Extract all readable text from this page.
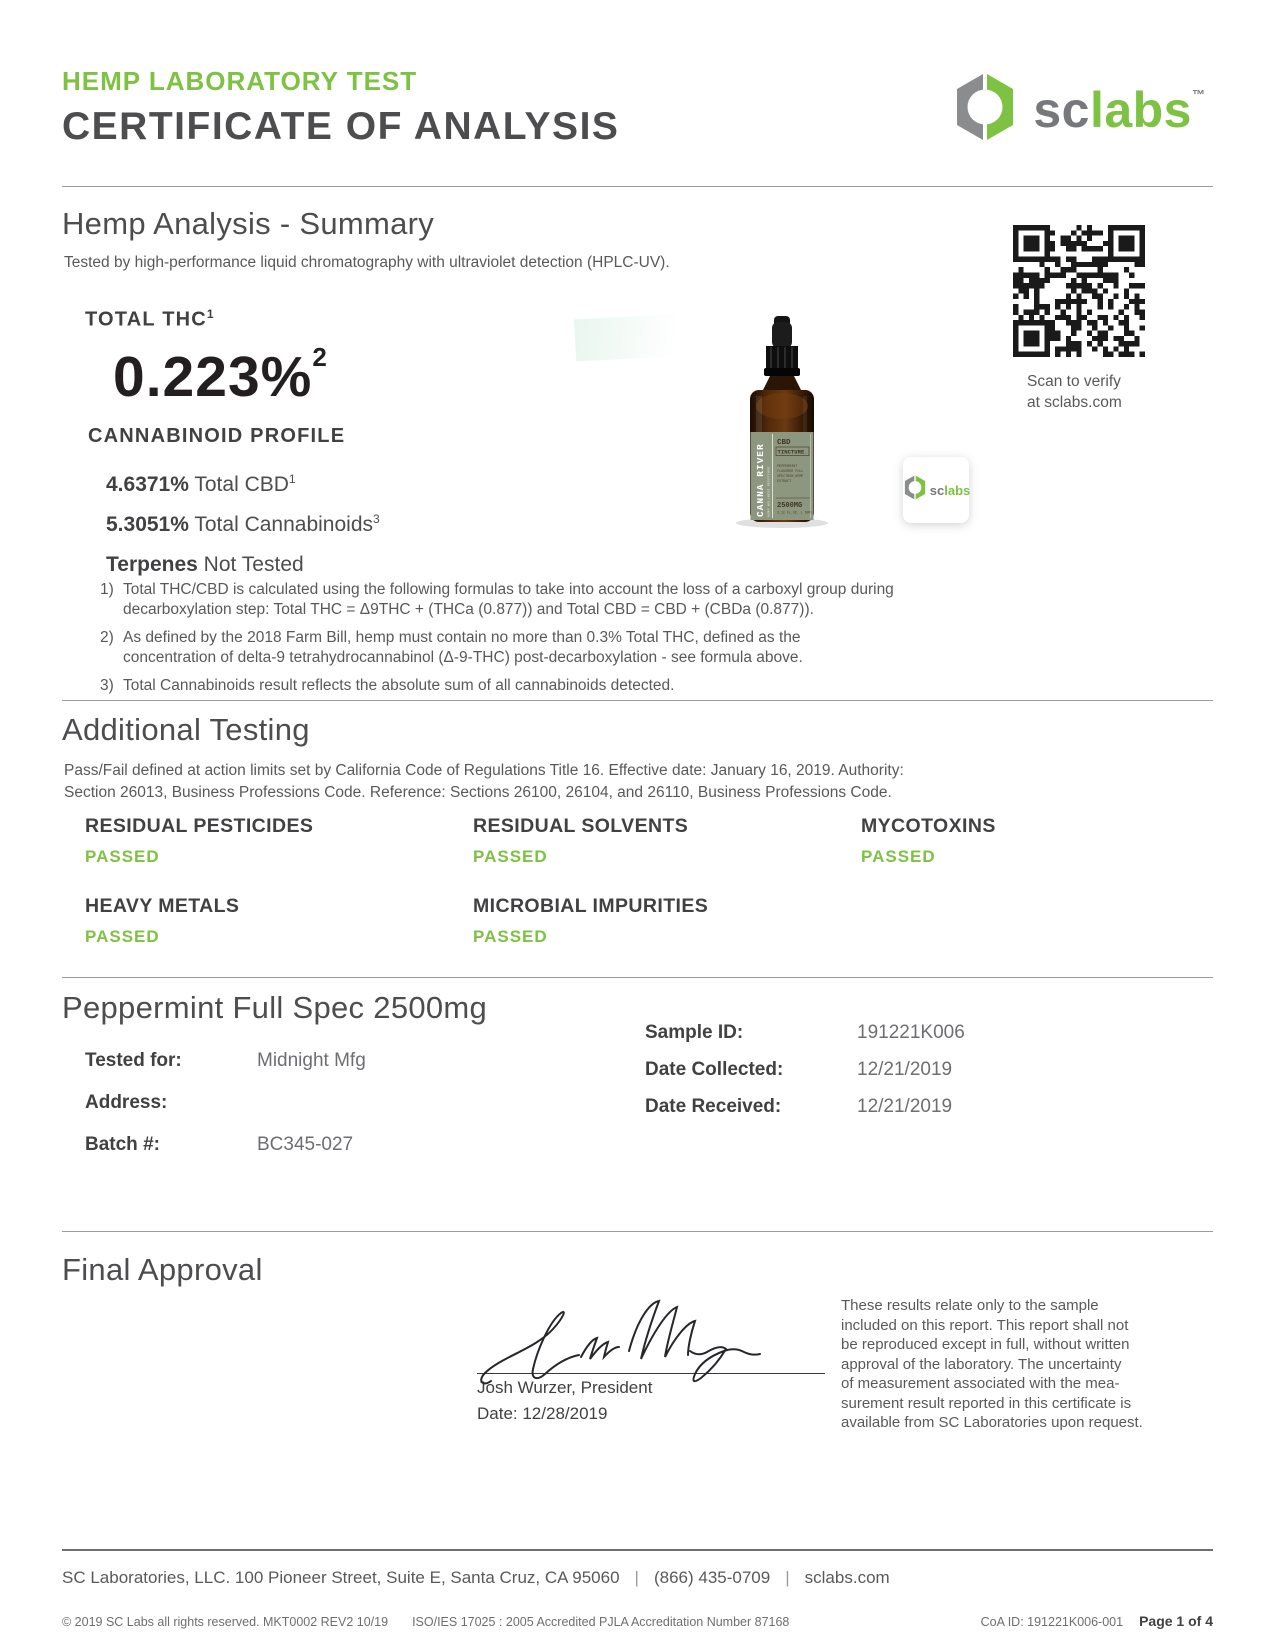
HEMP LABORATORY TEST
CERTIFICATE OF ANALYSIS	sclabs™
Hemp Analysis - Summary
Tested by high-performance liquid chromatography with ultraviolet detection (HPLC-UV).
Scan to verify
at sclabs.com
TOTAL THC$^1$
0.223%$^2$
CANNABINOID PROFILE
4.6371% Total CBD$^1$
5.3051% Total Cannabinoids$^3$
Terpenes Not Tested
CANNA RIVER HEMP WELLNESS REDEFINED
CBD
TINCTURE
PEPPERMINT
FLAVORED FULL
SPECTRUM HEMP
EXTRACT
2500MG
2.12 FL.OZ. | 60ML
sclabs
1) Total THC/CBD is calculated using the following formulas to take into account the loss of a carboxyl group during decarboxylation step: Total THC = Δ9THC + (THCa (0.877)) and Total CBD = CBD + (CBDa (0.877)).
2) As defined by the 2018 Farm Bill, hemp must contain no more than 0.3% Total THC, defined as the concentration of delta-9 tetrahydrocannabinol (Δ-9-THC) post-decarboxylation - see formula above.
3) Total Cannabinoids result reflects the absolute sum of all cannabinoids detected.
Additional Testing
Pass/Fail defined at action limits set by California Code of Regulations Title 16. Effective date: January 16, 2019. Authority:
Section 26013, Business Professions Code. Reference: Sections 26100, 26104, and 26110, Business Professions Code.
RESIDUAL PESTICIDES
PASSED
RESIDUAL SOLVENTS
PASSED
MYCOTOXINS
PASSED
HEAVY METALS
PASSED
MICROBIAL IMPURITIES
PASSED
Peppermint Full Spec 2500mg
Tested for:	Midnight Mfg
Address:
Batch #:	BC345-027
Sample ID:	191221K006
Date Collected:	12/21/2019
Date Received:	12/21/2019
Final Approval
Josh Wurzer, President
Date: 12/28/2019
These results relate only to the sample
included on this report. This report shall not
be reproduced except in full, without written
approval of the laboratory. The uncertainty
of measurement associated with the mea-
surement result reported in this certificate is
available from SC Laboratories upon request.
SC Laboratories, LLC. 100 Pioneer Street, Suite E, Santa Cruz, CA 95060 | (866) 435-0709 | sclabs.com
© 2019 SC Labs all rights reserved. MKT0002 REV2 10/19 ISO/IES 17025 : 2005 Accredited PJLA Accreditation Number 87168	CoA ID: 191221K006-001 Page 1 of 4
